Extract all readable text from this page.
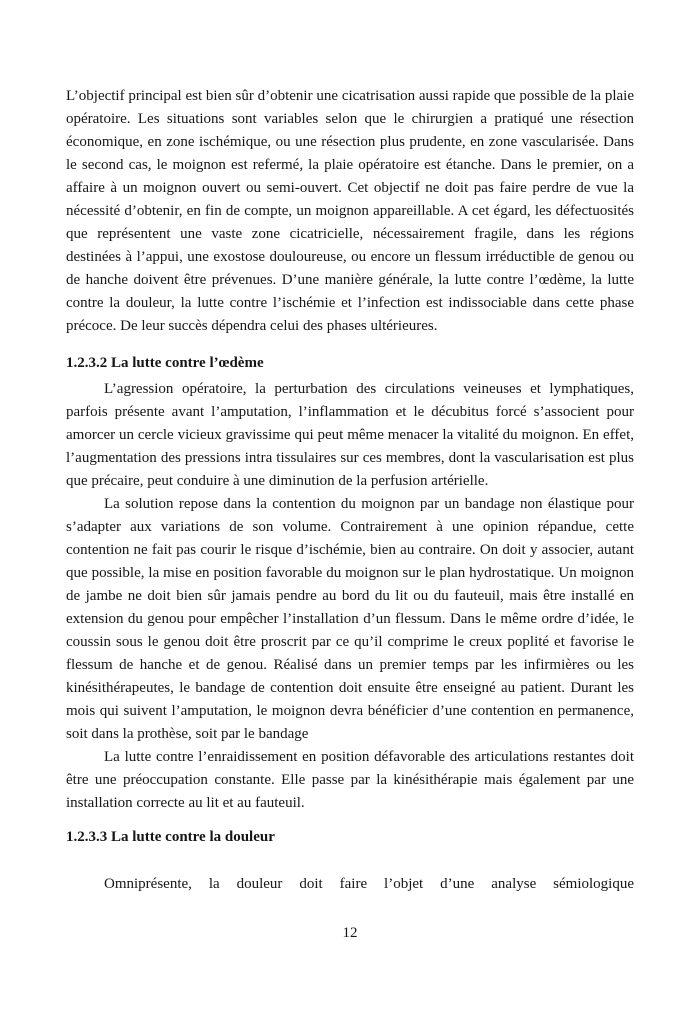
L’objectif principal est bien sûr d’obtenir une cicatrisation aussi rapide que possible de la plaie opératoire. Les situations sont variables selon que le chirurgien a pratiqué une résection économique, en zone ischémique, ou une résection plus prudente, en zone vascularisée. Dans le second cas, le moignon est refermé, la plaie opératoire est étanche. Dans le premier, on a affaire à un moignon ouvert ou semi-ouvert. Cet objectif ne doit pas faire perdre de vue la nécessité d’obtenir, en fin de compte, un moignon appareillable. A cet égard, les défectuosités que représentent une vaste zone cicatricielle, nécessairement fragile, dans les régions destinées à l’appui, une exostose douloureuse, ou encore un flessum irréductible de genou ou de hanche doivent être prévenues. D’une manière générale, la lutte contre l’œdème, la lutte contre la douleur, la lutte contre l’ischémie et l’infection est indissociable dans cette phase précoce. De leur succès dépendra celui des phases ultérieures.

1.2.3.2 La lutte contre l’œdème

L’agression opératoire, la perturbation des circulations veineuses et lymphatiques, parfois présente avant l’amputation, l’inflammation et le décubitus forcé s’associent pour amorcer un cercle vicieux gravissime qui peut même menacer la vitalité du moignon. En effet, l’augmentation des pressions intra tissulaires sur ces membres, dont la vascularisation est plus que précaire, peut conduire à une diminution de la perfusion artérielle.

La solution repose dans la contention du moignon par un bandage non élastique pour s’adapter aux variations de son volume. Contrairement à une opinion répandue, cette contention ne fait pas courir le risque d’ischémie, bien au contraire. On doit y associer, autant que possible, la mise en position favorable du moignon sur le plan hydrostatique. Un moignon de jambe ne doit bien sûr jamais pendre au bord du lit ou du fauteuil, mais être installé en extension du genou pour empêcher l’installation d’un flessum. Dans le même ordre d’idée, le coussin sous le genou doit être proscrit par ce qu’il comprime le creux poplité et favorise le flessum de hanche et de genou. Réalisé dans un premier temps par les infirmières ou les kinésithérapeutes, le bandage de contention doit ensuite être enseigné au patient. Durant les mois qui suivent l’amputation, le moignon devra bénéficier d’une contention en permanence, soit dans la prothèse, soit par le bandage

La lutte contre l’enraidissement en position défavorable des articulations restantes doit être une préoccupation constante. Elle passe par la kinésithérapie mais également par une installation correcte au lit et au fauteuil.

1.2.3.3 La lutte contre la douleur

Omniprésente, la douleur doit faire l’objet d’une analyse sémiologique

12
